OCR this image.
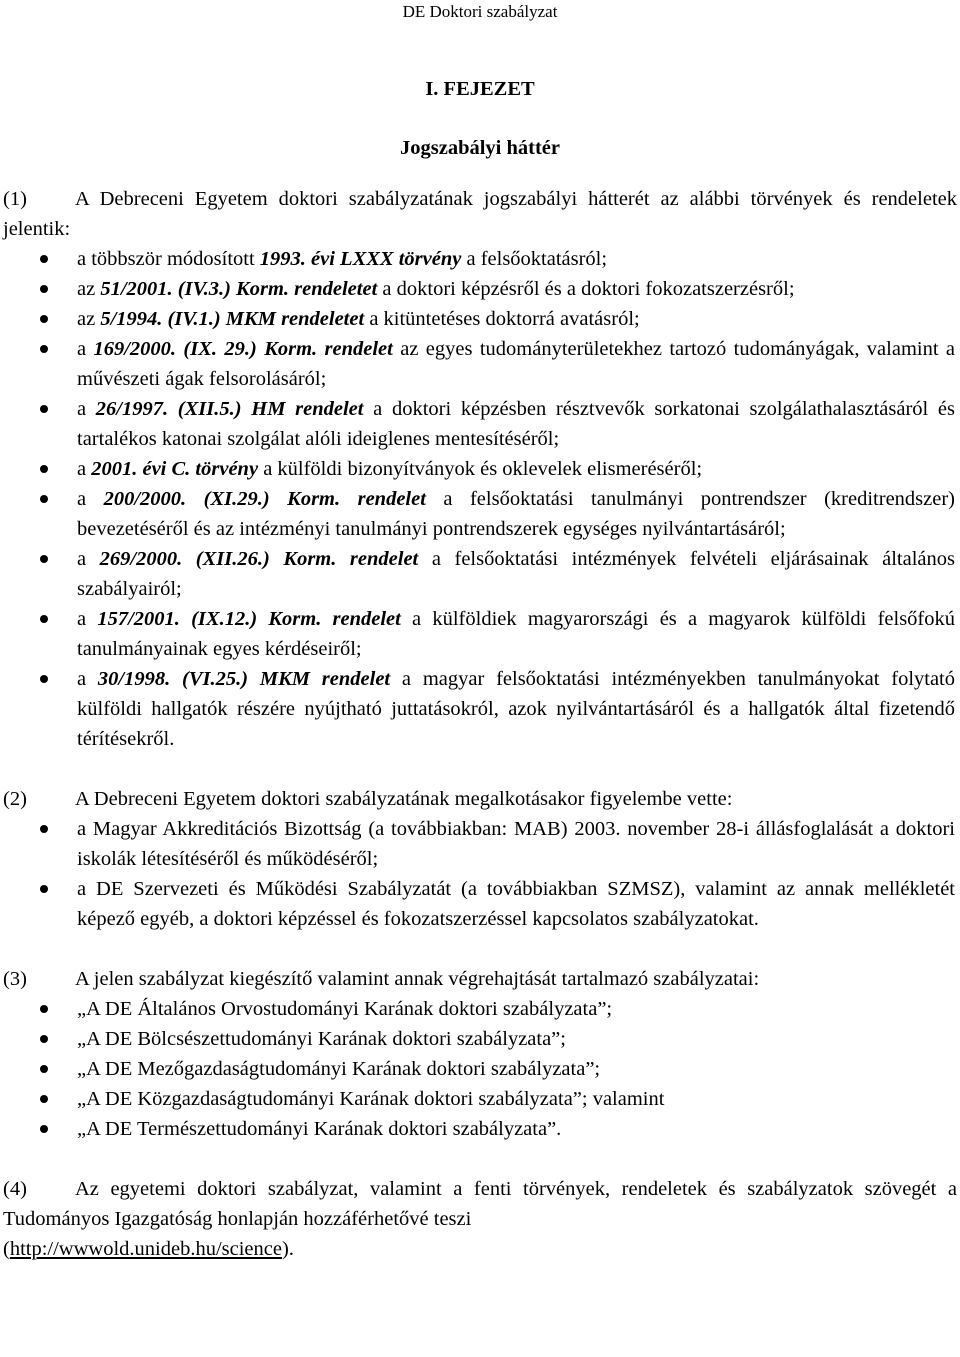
DE Doktori szabályzat
I. FEJEZET
Jogszabályi háttér

(1) A Debreceni Egyetem doktori szabályzatának jogszabályi hátterét az alábbi törvények és rendeletek jelentik:

a többször módosított 1993. évi LXXX törvény a felsőoktatásról;
az 51/2001. (IV.3.) Korm. rendeletet a doktori képzésről és a doktori fokozatszerzésről;
az 5/1994. (IV.1.) MKM rendeletet a kitüntetéses doktorrá avatásról;
a 169/2000. (IX. 29.) Korm. rendelet az egyes tudományterületekhez tartozó tudományágak, valamint a művészeti ágak felsorolásáról;
a 26/1997. (XII.5.) HM rendelet a doktori képzésben résztvevők sorkatonai szolgálathalasztásáról és tartalékos katonai szolgálat alóli ideiglenes mentesítéséről;
a 2001. évi C. törvény a külföldi bizonyítványok és oklevelek elismeréséről;
a 200/2000. (XI.29.) Korm. rendelet a felsőoktatási tanulmányi pontrendszer (kreditrendszer) bevezetéséről és az intézményi tanulmányi pontrendszerek egységes nyilvántartásáról;
a 269/2000. (XII.26.) Korm. rendelet a felsőoktatási intézmények felvételi eljárásainak általános szabályairól;
a 157/2001. (IX.12.) Korm. rendelet a külföldiek magyarországi és a magyarok külföldi felsőfokú tanulmányainak egyes kérdéseiről;
a 30/1998. (VI.25.) MKM rendelet a magyar felsőoktatási intézményekben tanulmányokat folytató külföldi hallgatók részére nyújtható juttatásokról, azok nyilvántartásáról és a hallgatók által fizetendő térítésekről.

(2) A Debreceni Egyetem doktori szabályzatának megalkotásakor figyelembe vette:

a Magyar Akkreditációs Bizottság (a továbbiakban: MAB) 2003. november 28-i állásfoglalását a doktori iskolák létesítéséről és működéséről;
a DE Szervezeti és Működési Szabályzatát (a továbbiakban SZMSZ), valamint az annak mellékletét képező egyéb, a doktori képzéssel és fokozatszerzéssel kapcsolatos szabályzatokat.

(3) A jelen szabályzat kiegészítő valamint annak végrehajtását tartalmazó szabályzatai:

„A DE Általános Orvostudományi Karának doktori szabályzata”;
„A DE Bölcsészettudományi Karának doktori szabályzata”;
„A DE Mezőgazdaságtudományi Karának doktori szabályzata”;
„A DE Közgazdaságtudományi Karának doktori szabályzata”; valamint
„A DE Természettudományi Karának doktori szabályzata”.

(4) Az egyetemi doktori szabályzat, valamint a fenti törvények, rendeletek és szabályzatok szövegét a Tudományos Igazgatóság honlapján hozzáférhetővé teszi
(http://wwwold.unideb.hu/science).
